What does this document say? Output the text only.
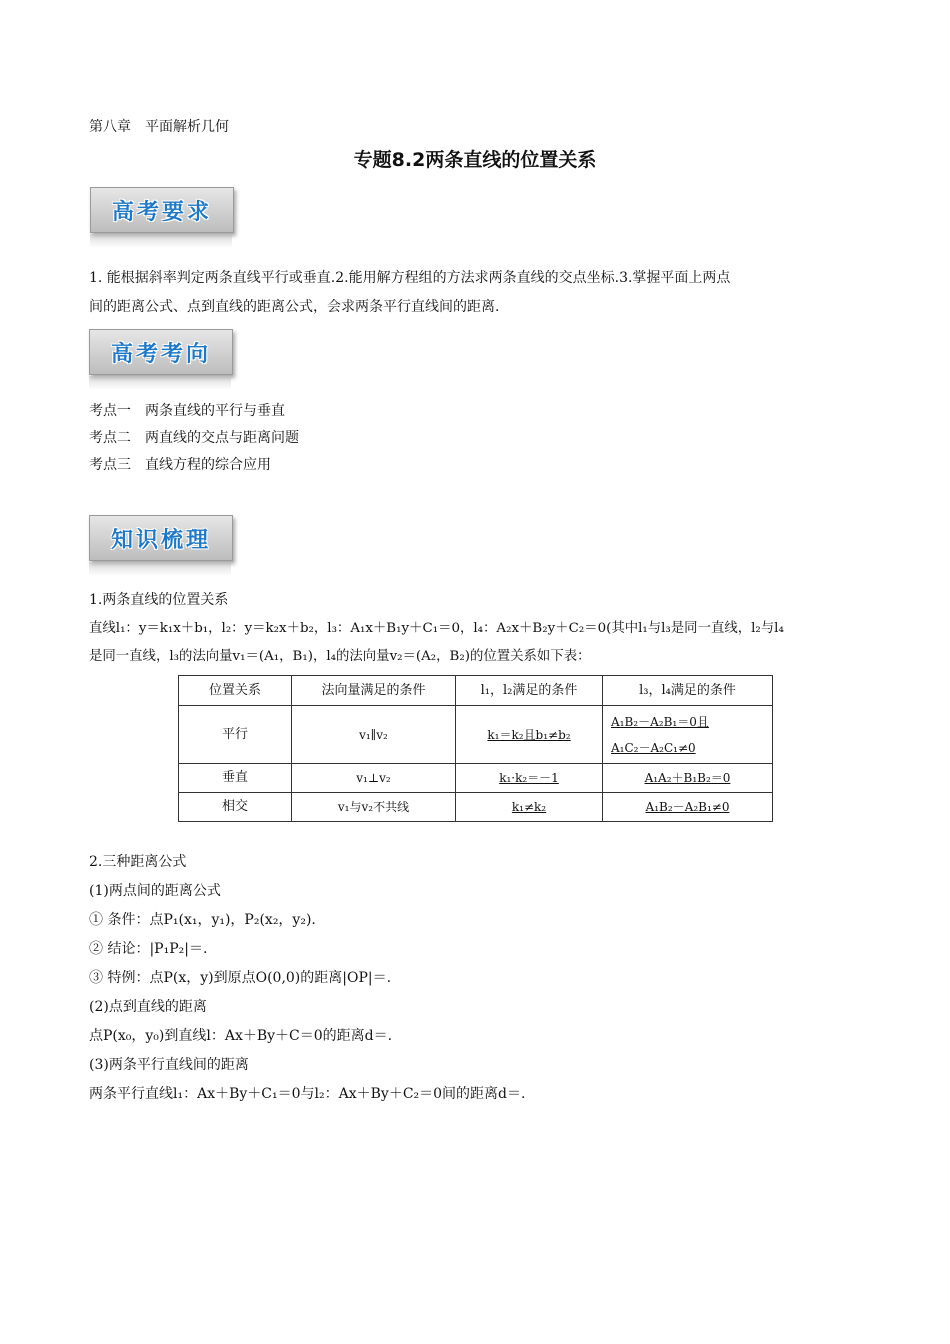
第八章　平面解析几何
专题8.2两条直线的位置关系
高考要求
1. 能根据斜率判定两条直线平行或垂直.2.能用解方程组的方法求两条直线的交点坐标.3.掌握平面上两点
间的距离公式、点到直线的距离公式，会求两条平行直线间的距离.
高考考向
考点一　两条直线的平行与垂直
考点二　两直线的交点与距离问题
考点三　直线方程的综合应用
知识梳理
1.两条直线的位置关系
直线l₁：y＝k₁x＋b₁，l₂：y＝k₂x＋b₂，l₃：A₁x＋B₁y＋C₁＝0，l₄：A₂x＋B₂y＋C₂＝0(其中l₁与l₃是同一直线，l₂与l₄
是同一直线，l₃的法向量v₁＝(A₁，B₁)，l₄的法向量v₂＝(A₂，B₂)的位置关系如下表：
位置关系	法向量满足的条件	l₁，l₂满足的条件	l₃，l₄满足的条件
平行	v₁∥v₂	k₁＝k₂且b₁≠b₂	A₁B₂－A₂B₁＝0且
A₁C₂－A₂C₁≠0

垂直	v₁⊥v₂	k₁·k₂＝－1	A₁A₂＋B₁B₂＝0
相交	v₁与v₂不共线	k₁≠k₂	A₁B₂－A₂B₁≠0
2.三种距离公式
(1)两点间的距离公式
① 条件：点P₁(x₁，y₁)，P₂(x₂，y₂).
② 结论：|P₁P₂|＝.
③ 特例：点P(x，y)到原点O(0,0)的距离|OP|＝.
(2)点到直线的距离
点P(x₀，y₀)到直线l：Ax＋By＋C＝0的距离d＝.
(3)两条平行直线间的距离
两条平行直线l₁：Ax＋By＋C₁＝0与l₂：Ax＋By＋C₂＝0间的距离d＝.
